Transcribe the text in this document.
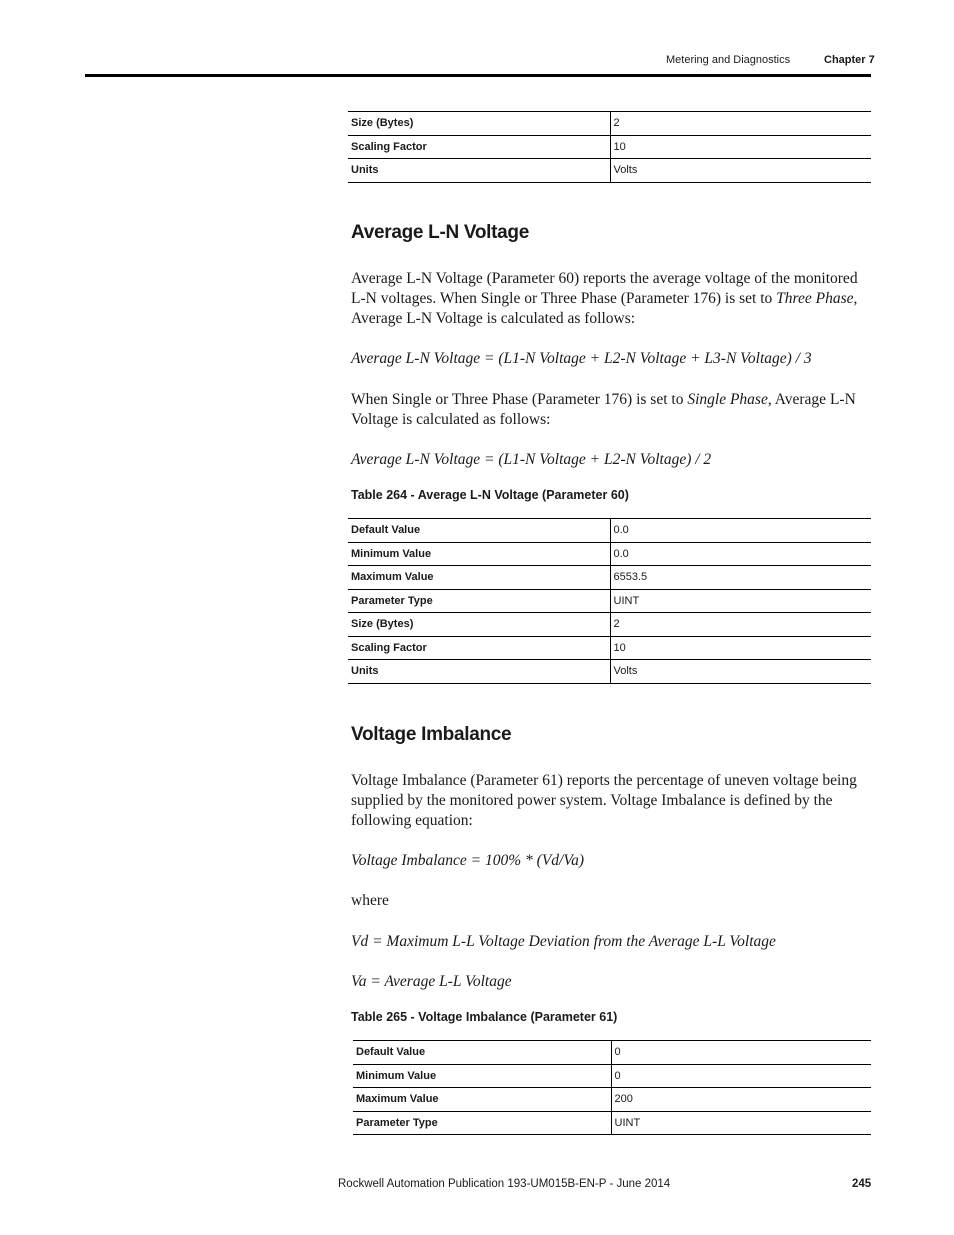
Metering and Diagnostics	Chapter 7
Size (Bytes)	2
Scaling Factor	10
Units	Volts
Average L-N Voltage

Average L-N Voltage (Parameter 60) reports the average voltage of the monitored L-N voltages. When Single or Three Phase (Parameter 176) is set to Three Phase, Average L-N Voltage is calculated as follows:

Average L-N Voltage = (L1-N Voltage + L2-N Voltage + L3-N Voltage) / 3

When Single or Three Phase (Parameter 176) is set to Single Phase, Average L-N Voltage is calculated as follows:

Average L-N Voltage = (L1-N Voltage + L2-N Voltage) / 2

Table 264 - Average L-N Voltage (Parameter 60)
Default Value	0.0
Minimum Value	0.0
Maximum Value	6553.5
Parameter Type	UINT
Size (Bytes)	2
Scaling Factor	10
Units	Volts
Voltage Imbalance

Voltage Imbalance (Parameter 61) reports the percentage of uneven voltage being supplied by the monitored power system. Voltage Imbalance is defined by the following equation:

Voltage Imbalance = 100% * (Vd/Va)

where

Vd = Maximum L-L Voltage Deviation from the Average L-L Voltage

Va = Average L-L Voltage

Table 265 - Voltage Imbalance (Parameter 61)
Default Value	0
Minimum Value	0
Maximum Value	200
Parameter Type	UINT
Rockwell Automation Publication 193-UM015B-EN-P - June 2014	245
